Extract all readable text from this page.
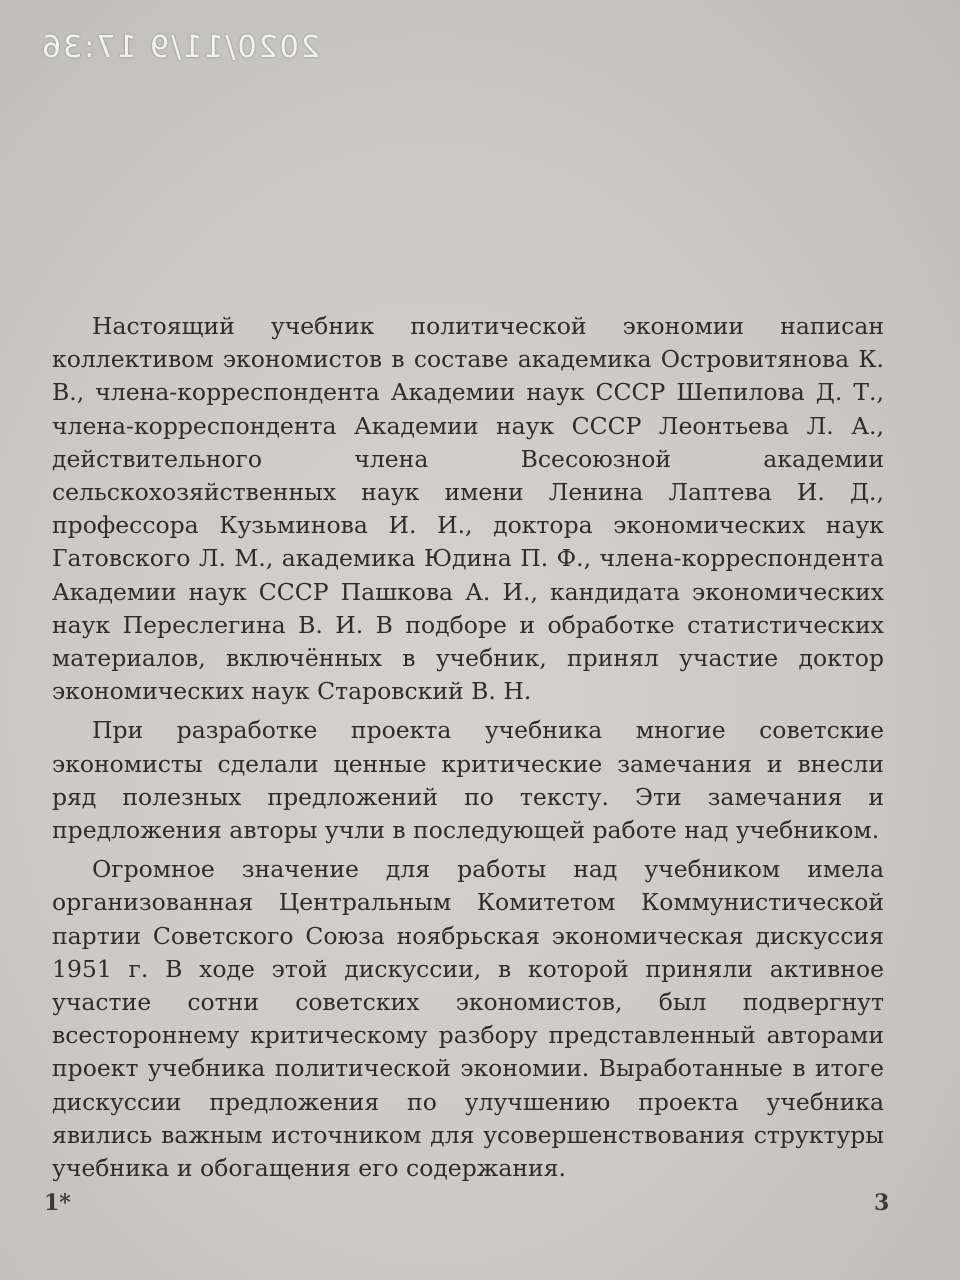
2020/11/9 17:36

Настоящий учебник политической экономии написан коллективом экономистов в составе академика Островитянова К. В., члена-корреспондента Академии наук СССР Шепилова Д. Т., члена-корреспондента Академии наук СССР Леонтьева Л. А., действительного члена Всесоюзной академии сельскохозяйственных наук имени Ленина Лаптева И. Д., профессора Кузьминова И. И., доктора экономических наук Гатовского Л. М., академика Юдина П. Ф., члена-корреспондента Академии наук СССР Пашкова А. И., кандидата экономических наук Переслегина В. И. В подборе и обработке статистических материалов, включённых в учебник, принял участие доктор экономических наук Старовский В. Н.

При разработке проекта учебника многие советские экономисты сделали ценные критические замечания и внесли ряд полезных предложений по тексту. Эти замечания и предложения авторы учли в последующей работе над учебником.

Огромное значение для работы над учебником имела организованная Центральным Комитетом Коммунистической партии Советского Союза ноябрьская экономическая дискуссия 1951 г. В ходе этой дискуссии, в которой приняли активное участие сотни советских экономистов, был подвергнут всестороннему критическому разбору представленный авторами проект учебника политической экономии. Выработанные в итоге дискуссии предложения по улучшению проекта учебника явились важным источником для усовершенствования структуры учебника и обогащения его содержания.

1*	3
